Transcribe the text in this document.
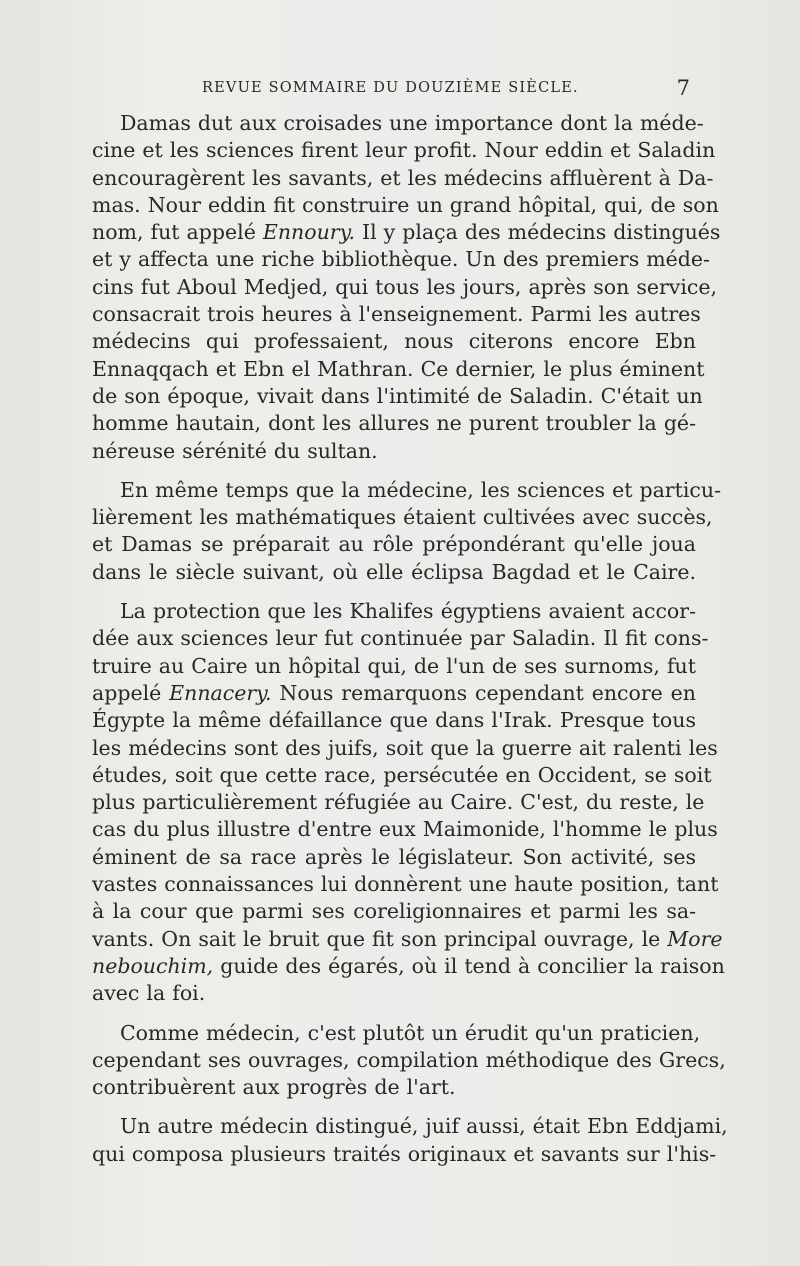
REVUE SOMMAIRE DU DOUZIÈME SIÈCLE.	7

Damas dut aux croisades une importance dont la méde-
cine et les sciences firent leur profit. Nour eddin et Saladin
encouragèrent les savants, et les médecins affluèrent à Da-
mas. Nour eddin fit construire un grand hôpital, qui, de son
nom, fut appelé Ennoury. Il y plaça des médecins distingués
et y affecta une riche bibliothèque. Un des premiers méde-
cins fut Aboul Medjed, qui tous les jours, après son service,
consacrait trois heures à l'enseignement. Parmi les autres
médecins qui professaient, nous citerons encore Ebn
Ennaqqach et Ebn el Mathran. Ce dernier, le plus éminent
de son époque, vivait dans l'intimité de Saladin. C'était un
homme hautain, dont les allures ne purent troubler la gé-
néreuse sérénité du sultan.

En même temps que la médecine, les sciences et particu-
lièrement les mathématiques étaient cultivées avec succès,
et Damas se préparait au rôle prépondérant qu'elle joua
dans le siècle suivant, où elle éclipsa Bagdad et le Caire.

La protection que les Khalifes égyptiens avaient accor-
dée aux sciences leur fut continuée par Saladin. Il fit cons-
truire au Caire un hôpital qui, de l'un de ses surnoms, fut
appelé Ennacery. Nous remarquons cependant encore en
Égypte la même défaillance que dans l'Irak. Presque tous
les médecins sont des juifs, soit que la guerre ait ralenti les
études, soit que cette race, persécutée en Occident, se soit
plus particulièrement réfugiée au Caire. C'est, du reste, le
cas du plus illustre d'entre eux Maimonide, l'homme le plus
éminent de sa race après le législateur. Son activité, ses
vastes connaissances lui donnèrent une haute position, tant
à la cour que parmi ses coreligionnaires et parmi les sa-
vants. On sait le bruit que fit son principal ouvrage, le More
nebouchim, guide des égarés, où il tend à concilier la raison
avec la foi.

Comme médecin, c'est plutôt un érudit qu'un praticien,
cependant ses ouvrages, compilation méthodique des Grecs,
contribuèrent aux progrès de l'art.

Un autre médecin distingué, juif aussi, était Ebn Eddjami,
qui composa plusieurs traités originaux et savants sur l'his-
